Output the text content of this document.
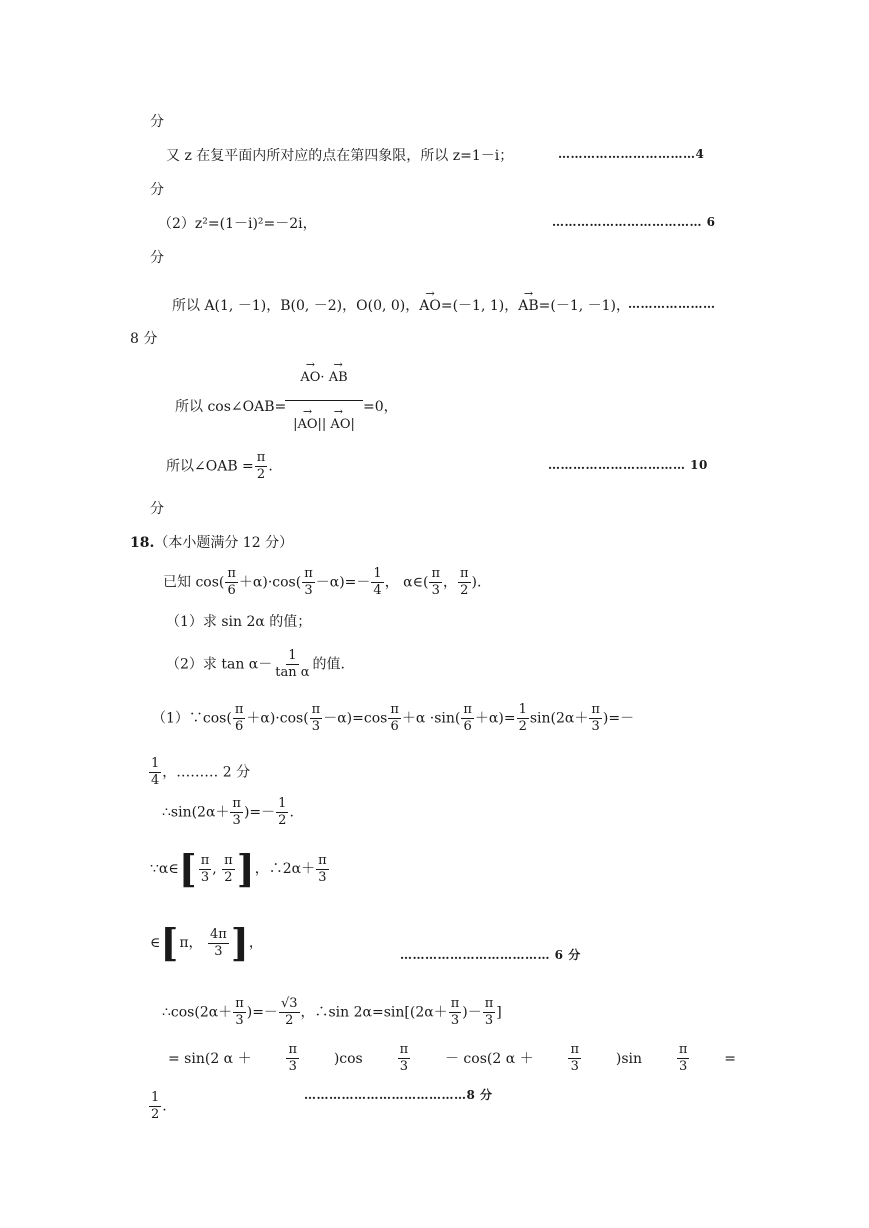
分
又 z 在复平面内所对应的点在第四象限，所以 z=1－i；	……………………………4
分
（2）z²=(1－i)²=－2i，	……………………………… 6
分
所以 A(1, －1)，B(0, －2)，O(0, 0)，→ AO=(－1, 1)，→ AB=(－1, －1)，
…………………
8 分
所以 cos∠OAB=
→ AO· → AB
→ |AO|→ | AO|
=0，
所以∠OAB = $\frac{\pi}{2}$ .	…………………………… 10
分
18.（本小题满分 12 分）
已知 $\cos( \frac{\pi}{6} +\alpha)\cdot\cos( \frac{\pi}{3} -\alpha)=- \frac{1}{4}$ ， α∈( $\frac{\pi}{3}$ ， $\frac{\pi}{2}$ ).
（1）求 sin 2α 的值；
（2）求 $\tan \alpha- \frac{1}{\text{tan α}}$ 的值.
（1）∵cos( $\frac{\pi}{6} +\alpha)\cdot\cos( \frac{\pi}{3} -\alpha)=\cos \frac{\pi}{6} +\alpha \cdot\sin( \frac{\pi}{6} +\alpha)= \frac{1}{2} \sin(2\alpha+ \frac{\pi}{3}$ )=－
$\frac{1}{4}$ ，……… 2 分
∴sin(2α＋ $\frac{\pi}{3}$ )=－ $\frac{1}{2}$ .
∵α∈ [ $\frac{\pi}{3}$ , $\frac{\pi}{2}$ ] ，∴2α＋ $\frac{\pi}{3}$
∈ [ π，
$\frac{4\pi}{3}$ ] ，
……………………………… 6 分
∴cos(2α＋ $\frac{\pi}{3}$ )=－ $\frac{√3}{2}$ ，∴sin $2\alpha=\sin[(2\alpha+ \frac{\pi}{3}$ )－ $\frac{\pi}{3}$ ]
= sin(2 α ＋	$\frac{\pi}{3} )\cos$	$\frac{\pi}{3} - \cos(2$ α ＋	$\frac{\pi}{3} )\sin$	$\frac{\pi}{3}$ =
$\frac{1}{2}$ .
…………………………………8 分
